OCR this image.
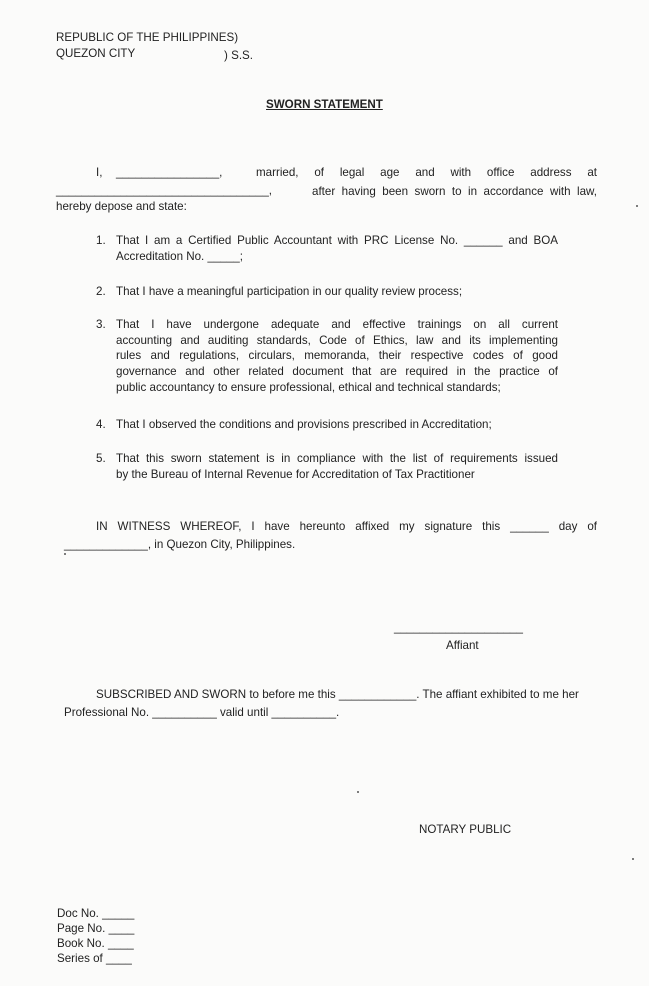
REPUBLIC OF THE PHILIPPINES)
QUEZON CITY	) S.S.
SWORN STATEMENT
I, ________________,	married, of legal age and with office address at
_________________________________,	after having been sworn to in accordance with law,
hereby depose and state:
1. That I am a Certified Public Accountant with PRC License No. ______ and BOA
Accreditation No. _____;
2. That I have a meaningful participation in our quality review process;
3. That I have undergone adequate and effective trainings on all current
accounting and auditing standards, Code of Ethics, law and its implementing
rules and regulations, circulars, memoranda, their respective codes of good
governance and other related document that are required in the practice of
public accountancy to ensure professional, ethical and technical standards;
4. That I observed the conditions and provisions prescribed in Accreditation;
5. That this sworn statement is in compliance with the list of requirements issued
by the Bureau of Internal Revenue for Accreditation of Tax Practitioner
IN WITNESS WHEREOF, I have hereunto affixed my signature this ______ day of
_____________, in Quezon City, Philippines.
____________________
Affiant
SUBSCRIBED AND SWORN to before me this ____________. The affiant exhibited to me her
Professional No. __________ valid until __________.
NOTARY PUBLIC
Doc No. _____
Page No. ____
Book No. ____
Series of ____
